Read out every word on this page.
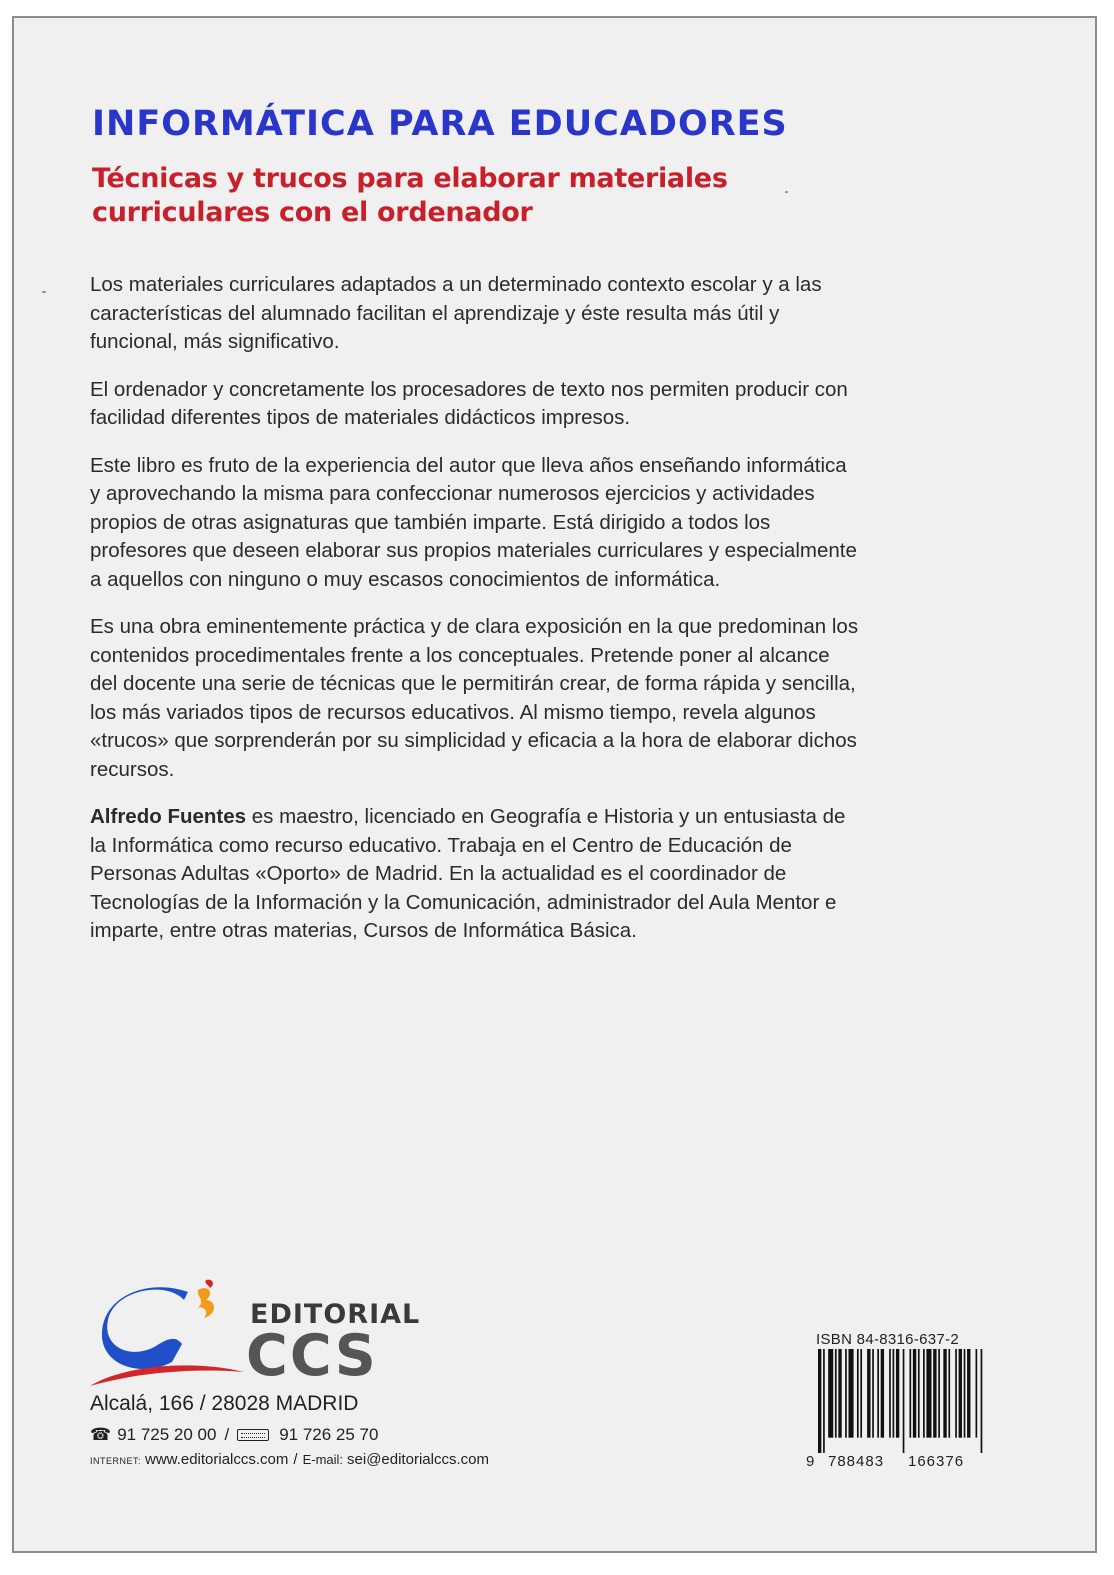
INFORMÁTICA PARA EDUCADORES
Técnicas y trucos para elaborar materiales curriculares con el ordenador

Los materiales curriculares adaptados a un determinado contexto escolar y a las características del alumnado facilitan el aprendizaje y éste resulta más útil y funcional, más significativo.

El ordenador y concretamente los procesadores de texto nos permiten producir con facilidad diferentes tipos de materiales didácticos impresos.

Este libro es fruto de la experiencia del autor que lleva años enseñando informática y aprovechando la misma para confeccionar numerosos ejercicios y actividades propios de otras asignaturas que también imparte. Está dirigido a todos los profesores que deseen elaborar sus propios materiales curriculares y especialmente a aquellos con ninguno o muy escasos conocimientos de informática.

Es una obra eminentemente práctica y de clara exposición en la que predominan los contenidos procedimentales frente a los conceptuales. Pretende poner al alcance del docente una serie de técnicas que le permitirán crear, de forma rápida y sencilla, los más variados tipos de recursos educativos. Al mismo tiempo, revela algunos «trucos» que sorprenderán por su simplicidad y eficacia a la hora de elaborar dichos recursos.

Alfredo Fuentes es maestro, licenciado en Geografía e Historia y un entusiasta de la Informática como recurso educativo. Trabaja en el Centro de Educación de Personas Adultas «Oporto» de Madrid. En la actualidad es el coordinador de Tecnologías de la Información y la Comunicación, administrador del Aula Mentor e imparte, entre otras materias, Cursos de Informática Básica.

EDITORIAL

CCS

Alcalá, 166 / 28028 MADRID

☎ 91 725 20 00 /	91 726 25 70
INTERNET: www.editorialccs.com / E-mail: sei@editorialccs.com
ISBN 84-8316-637-2
9 788483 166376
